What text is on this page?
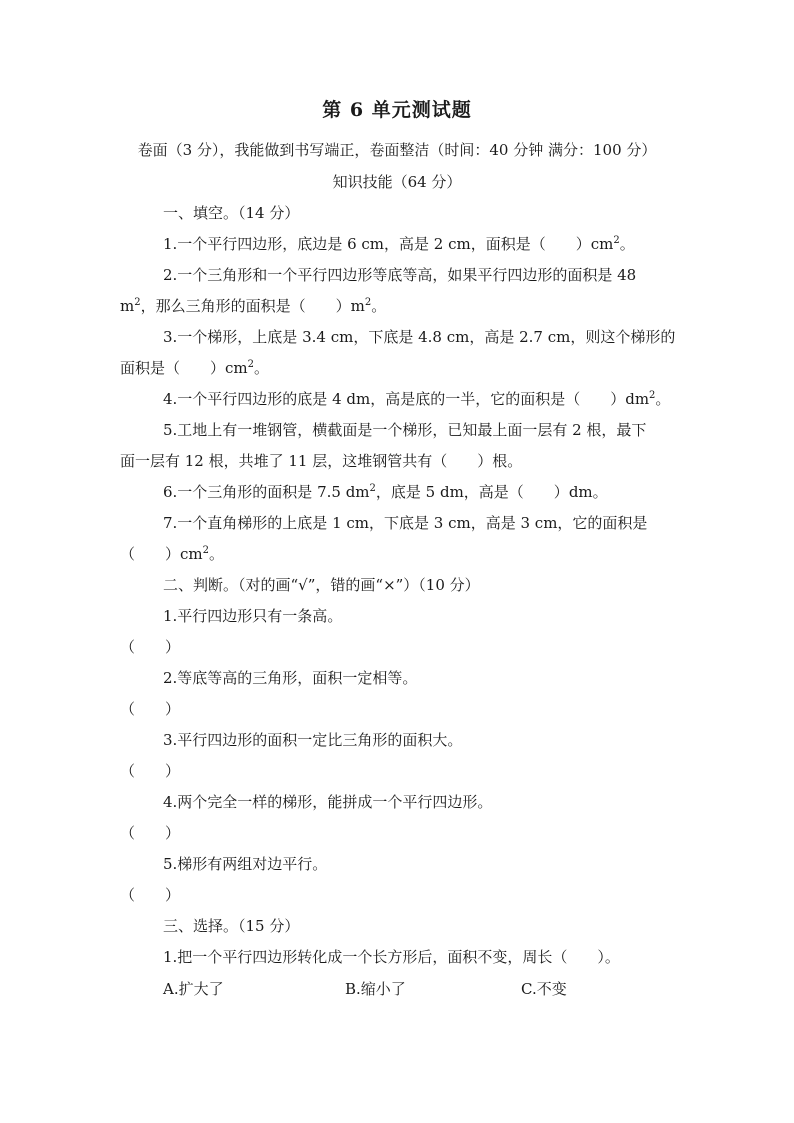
第 6 单元测试题
卷面（3 分），我能做到书写端正，卷面整洁（时间：40 分钟 满分：100 分）
知识技能（64 分）
一、填空。（14 分）
1.一个平行四边形，底边是 6 cm，高是 2 cm，面积是（　　）$cm^2$。
2.一个三角形和一个平行四边形等底等高，如果平行四边形的面积是 48
$m^2$，那么三角形的面积是（　　）$m^2$。
3.一个梯形，上底是 3.4 cm，下底是 4.8 cm，高是 2.7 cm，则这个梯形的
面积是（　　）$cm^2$。
4.一个平行四边形的底是 4 dm，高是底的一半，它的面积是（　　）$dm^2$。
5.工地上有一堆钢管，横截面是一个梯形，已知最上面一层有 2 根，最下
面一层有 12 根，共堆了 11 层，这堆钢管共有（　　）根。
6.一个三角形的面积是 7.5 $dm^2$，底是 5 dm，高是（　　）dm。
7.一个直角梯形的上底是 1 cm，下底是 3 cm，高是 3 cm，它的面积是
（　　）$cm^2$。
二、判断。（对的画“√”，错的画“×”）（10 分）
1.平行四边形只有一条高。
（　　）
2.等底等高的三角形，面积一定相等。
（　　）
3.平行四边形的面积一定比三角形的面积大。
（　　）
4.两个完全一样的梯形，能拼成一个平行四边形。
（　　）
5.梯形有两组对边平行。
（　　）
三、选择。（15 分）
1.把一个平行四边形转化成一个长方形后，面积不变，周长（　　）。
A.扩大了	B.缩小了	C.不变
